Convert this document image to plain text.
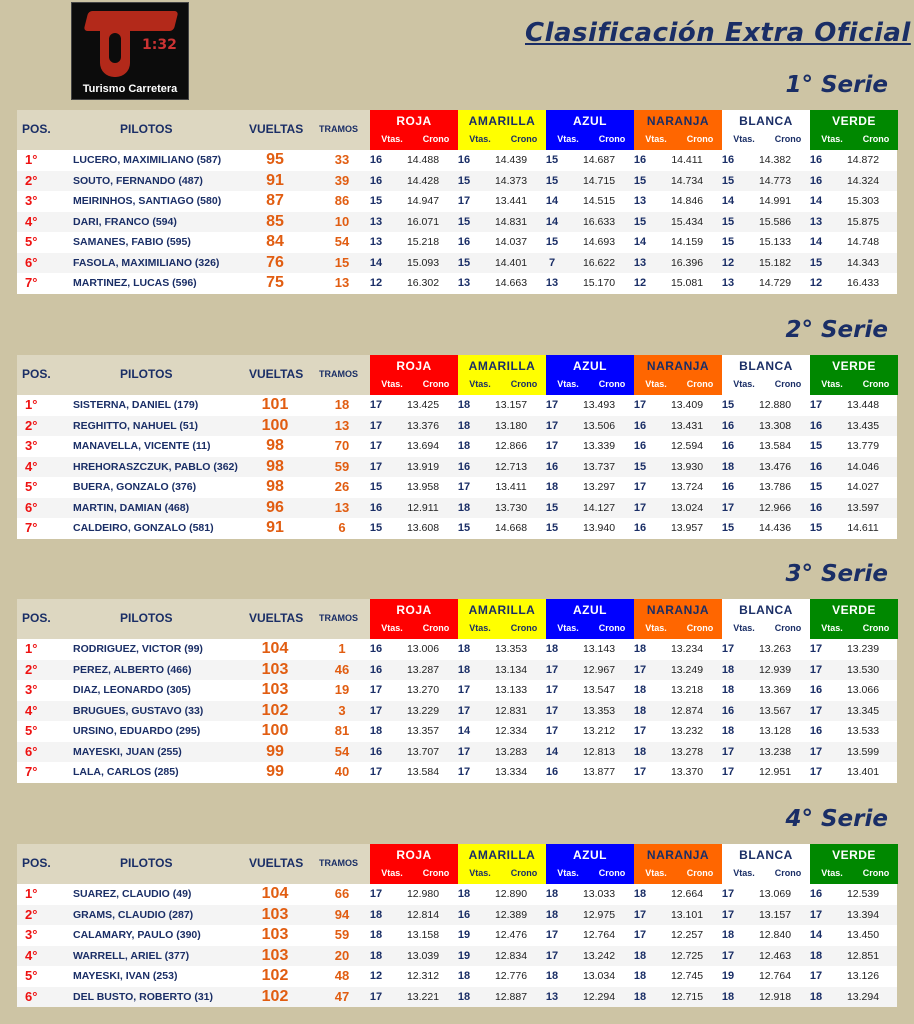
1:32
Turismo Carretera
Clasificación Extra Oficial
1° Serie
POS.	PILOTOS	VUELTAS TRAMOS
ROJA
Vtas. Crono
AMARILLA
Vtas. Crono
AZUL
Vtas. Crono
NARANJA
Vtas. Crono
BLANCA
Vtas. Crono
VERDE
Vtas. Crono
1°	LUCERO, MAXIMILIANO (587)	95	33	16	14.488	16	14.439	15	14.687	16	14.411	16	14.382	16	14.872
2°	SOUTO, FERNANDO (487)	91	39	16	14.428	15	14.373	15	14.715	15	14.734	15	14.773	16	14.324
3°	MEIRINHOS, SANTIAGO (580)	87	86	15	14.947	17	13.441	14	14.515	13	14.846	14	14.991	14	15.303
4°	DARI, FRANCO (594)	85	10	13	16.071	15	14.831	14	16.633	15	15.434	15	15.586	13	15.875
5°	SAMANES, FABIO (595)	84	54	13	15.218	16	14.037	15	14.693	14	14.159	15	15.133	14	14.748
6°	FASOLA, MAXIMILIANO (326)	76	15	14	15.093	15	14.401	7	16.622	13	16.396	12	15.182	15	14.343
7°	MARTINEZ, LUCAS (596)	75	13	12	16.302	13	14.663	13	15.170	12	15.081	13	14.729	12	16.433
2° Serie
POS.	PILOTOS	VUELTAS TRAMOS
ROJA
Vtas. Crono
AMARILLA
Vtas. Crono
AZUL
Vtas. Crono
NARANJA
Vtas. Crono
BLANCA
Vtas. Crono
VERDE
Vtas. Crono
1°	SISTERNA, DANIEL (179)	101	18	17	13.425	18	13.157	17	13.493	17	13.409	15	12.880	17	13.448
2°	REGHITTO, NAHUEL (51)	100	13	17	13.376	18	13.180	17	13.506	16	13.431	16	13.308	16	13.435
3°	MANAVELLA, VICENTE (11)	98	70	17	13.694	18	12.866	17	13.339	16	12.594	16	13.584	15	13.779
4°	HREHORASZCZUK, PABLO (362)	98	59	17	13.919	16	12.713	16	13.737	15	13.930	18	13.476	16	14.046
5°	BUERA, GONZALO (376)	98	26	15	13.958	17	13.411	18	13.297	17	13.724	16	13.786	15	14.027
6°	MARTIN, DAMIAN (468)	96	13	16	12.911	18	13.730	15	14.127	17	13.024	17	12.966	16	13.597
7°	CALDEIRO, GONZALO (581)	91	6	15	13.608	15	14.668	15	13.940	16	13.957	15	14.436	15	14.611
3° Serie
POS.	PILOTOS	VUELTAS TRAMOS
ROJA
Vtas. Crono
AMARILLA
Vtas. Crono
AZUL
Vtas. Crono
NARANJA
Vtas. Crono
BLANCA
Vtas. Crono
VERDE
Vtas. Crono
1°	RODRIGUEZ, VICTOR (99)	104	1	16	13.006	18	13.353	18	13.143	18	13.234	17	13.263	17	13.239
2°	PEREZ, ALBERTO (466)	103	46	16	13.287	18	13.134	17	12.967	17	13.249	18	12.939	17	13.530
3°	DIAZ, LEONARDO (305)	103	19	17	13.270	17	13.133	17	13.547	18	13.218	18	13.369	16	13.066
4°	BRUGUES, GUSTAVO (33)	102	3	17	13.229	17	12.831	17	13.353	18	12.874	16	13.567	17	13.345
5°	URSINO, EDUARDO (295)	100	81	18	13.357	14	12.334	17	13.212	17	13.232	18	13.128	16	13.533
6°	MAYESKI, JUAN (255)	99	54	16	13.707	17	13.283	14	12.813	18	13.278	17	13.238	17	13.599
7°	LALA, CARLOS (285)	99	40	17	13.584	17	13.334	16	13.877	17	13.370	17	12.951	17	13.401
4° Serie
POS.	PILOTOS	VUELTAS TRAMOS
ROJA
Vtas. Crono
AMARILLA
Vtas. Crono
AZUL
Vtas. Crono
NARANJA
Vtas. Crono
BLANCA
Vtas. Crono
VERDE
Vtas. Crono
1°	SUAREZ, CLAUDIO (49)	104	66	17	12.980	18	12.890	18	13.033	18	12.664	17	13.069	16	12.539
2°	GRAMS, CLAUDIO (287)	103	94	18	12.814	16	12.389	18	12.975	17	13.101	17	13.157	17	13.394
3°	CALAMARY, PAULO (390)	103	59	18	13.158	19	12.476	17	12.764	17	12.257	18	12.840	14	13.450
4°	WARRELL, ARIEL (377)	103	20	18	13.039	19	12.834	17	13.242	18	12.725	17	12.463	18	12.851
5°	MAYESKI, IVAN (253)	102	48	12	12.312	18	12.776	18	13.034	18	12.745	19	12.764	17	13.126
6°	DEL BUSTO, ROBERTO (31)	102	47	17	13.221	18	12.887	13	12.294	18	12.715	18	12.918	18	13.294
